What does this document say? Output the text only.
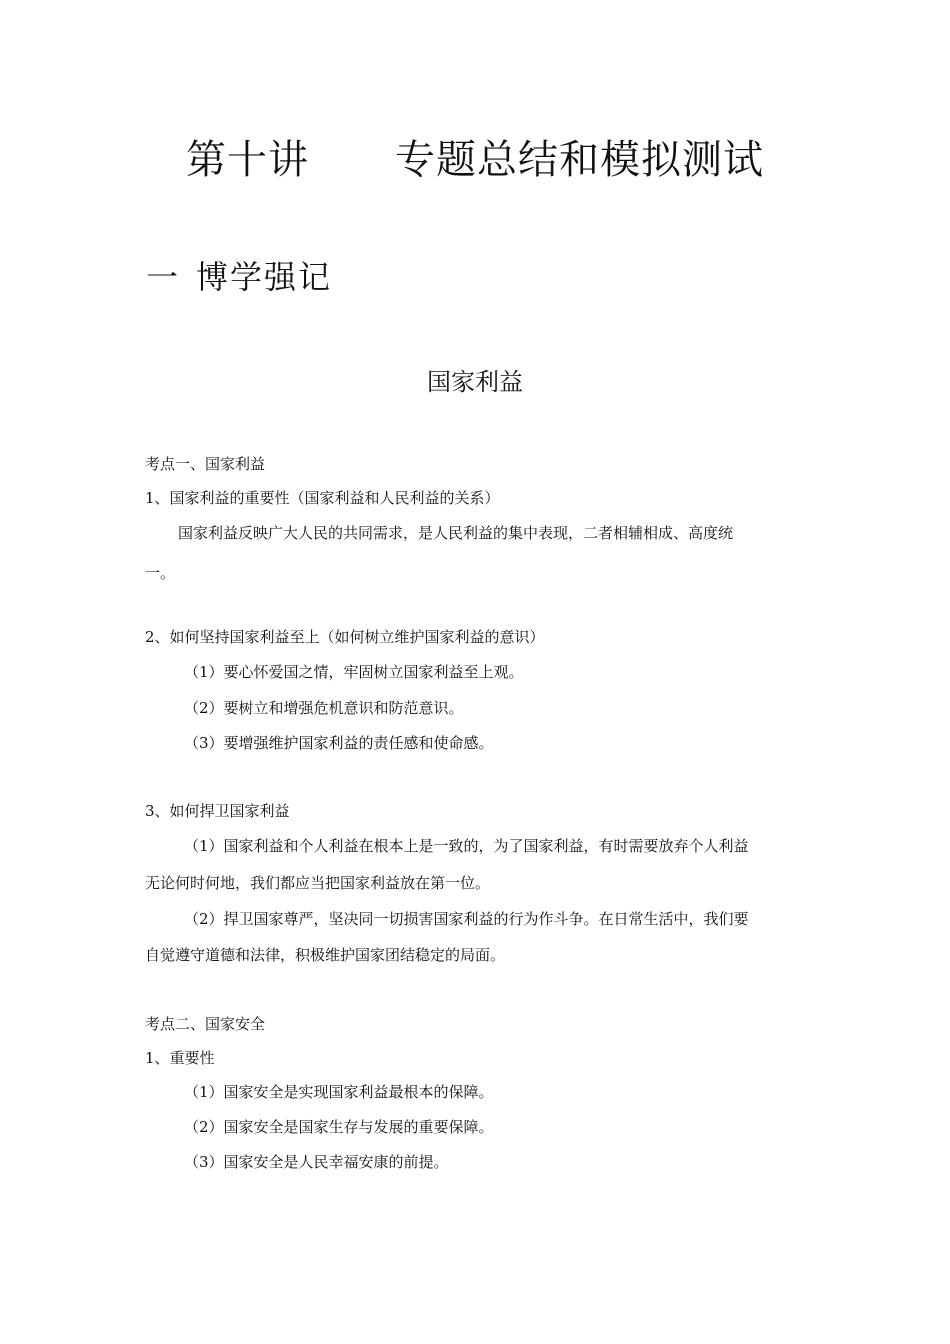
第十讲 专题总结和模拟测试
一 博学强记
国家利益

考点一、国家利益

1、国家利益的重要性（国家利益和人民利益的关系）

国家利益反映广大人民的共同需求，是人民利益的集中表现，二者相辅相成、高度统

一。

2、如何坚持国家利益至上（如何树立维护国家利益的意识）

（1）要心怀爱国之情，牢固树立国家利益至上观。

（2）要树立和增强危机意识和防范意识。

（3）要增强维护国家利益的责任感和使命感。

3、如何捍卫国家利益

（1）国家利益和个人利益在根本上是一致的，为了国家利益，有时需要放弃个人利益

无论何时何地，我们都应当把国家利益放在第一位。

（2）捍卫国家尊严，坚决同一切损害国家利益的行为作斗争。在日常生活中，我们要

自觉遵守道德和法律，积极维护国家团结稳定的局面。

考点二、国家安全

1、重要性

（1）国家安全是实现国家利益最根本的保障。

（2）国家安全是国家生存与发展的重要保障。

（3）国家安全是人民幸福安康的前提。
